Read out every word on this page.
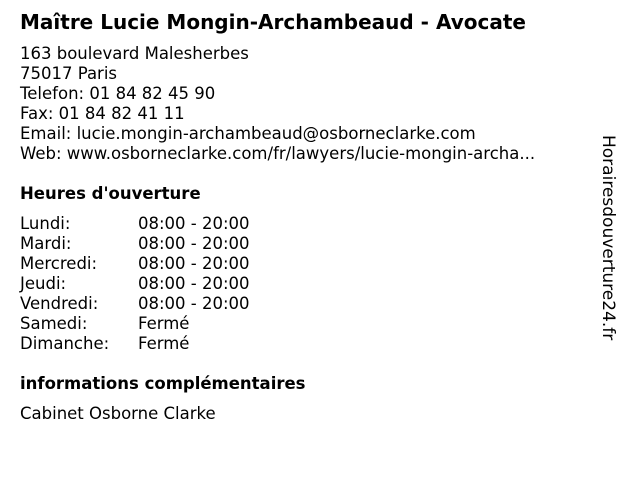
Maître Lucie Mongin-Archambeaud - Avocate
163 boulevard Malesherbes
75017 Paris
Telefon: 01 84 82 45 90
Fax: 01 84 82 41 11
Email: lucie.mongin-archambeaud@osborneclarke.com
Web: www.osborneclarke.com/fr/lawyers/lucie-mongin-archa...
Heures d'ouverture
Lundi:	08:00 - 20:00
Mardi:	08:00 - 20:00
Mercredi: 08:00 - 20:00
Jeudi:	08:00 - 20:00
Vendredi: 08:00 - 20:00
Samedi:	Fermé
Dimanche: Fermé
informations complémentaires
Cabinet Osborne Clarke
Horairesdouverture24.fr
